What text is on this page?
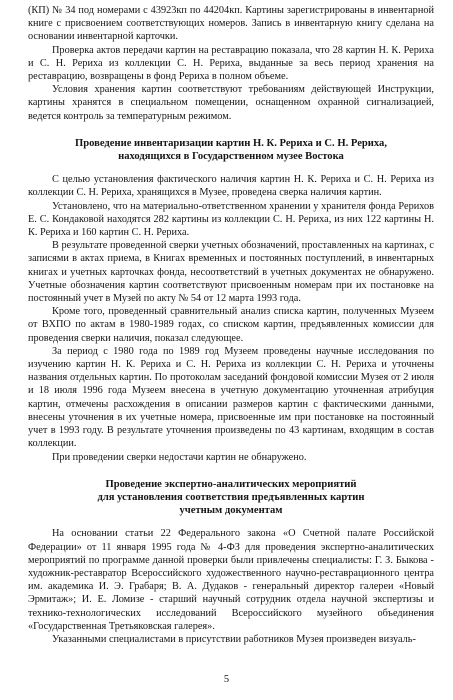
(КП) № 34 под номерами с 43923кп по 44204кп. Картины зарегистрированы в инвентарной книге с присвоением соответствующих номеров. Запись в инвентарную книгу сделана на основании инвентарной карточки.

Проверка актов передачи картин на реставрацию показала, что 28 картин Н. К. Рериха и С. Н. Рериха из коллекции С. Н. Рериха, выданные за весь период хранения на реставрацию, возвращены в фонд Рериха в полном объеме.

Условия хранения картин соответствуют требованиям действующей Инструкции, картины хранятся в специальном помещении, оснащенном охранной сигнализацией, ведется контроль за температурным режимом.

Проведение инвентаризации картин Н. К. Рериха и С. Н. Рериха,
находящихся в Государственном музее Востока

С целью установления фактического наличия картин Н. К. Рериха и С. Н. Рериха из коллекции С. Н. Рериха, хранящихся в Музее, проведена сверка наличия картин.

Установлено, что на материально-ответственном хранении у хранителя фонда Рерихов Е. С. Кондаковой находятся 282 картины из коллекции С. Н. Рериха, из них 122 картины Н. К. Рериха и 160 картин С. Н. Рериха.

В результате проведенной сверки учетных обозначений, проставленных на картинах, с записями в актах приема, в Книгах временных и постоянных поступлений, в инвентарных книгах и учетных карточках фонда, несоответствий в учетных документах не обнаружено. Учетные обозначения картин соответствуют присвоенным номерам при их постановке на постоянный учет в Музей по акту № 54 от 12 марта 1993 года.

Кроме того, проведенный сравнительный анализ списка картин, полученных Музеем от ВХПО по актам в 1980-1989 годах, со списком картин, предъявленных комиссии для проведения сверки наличия, показал следующее.

За период с 1980 года по 1989 год Музеем проведены научные исследования по изучению картин Н. К. Рериха и С. Н. Рериха из коллекции С. Н. Рериха и уточнены названия отдельных картин. По протоколам заседаний фондовой комиссии Музея от 2 июля и 18 июля 1996 года Музеем внесена в учетную документацию уточненная атрибуция картин, отмечены расхождения в описании размеров картин с фактическими данными, внесены уточнения в их учетные номера, присвоенные им при постановке на постоянный учет в 1993 году. В результате уточнения произведены по 43 картинам, входящим в состав коллекции.

При проведении сверки недостачи картин не обнаружено.

Проведение экспертно-аналитических мероприятий
для установления соответствия предъявленных картин
учетным документам

На основании статьи 22 Федерального закона «О Счетной палате Российской Федерации» от 11 января 1995 года № 4-ФЗ для проведения экспертно-аналитических мероприятий по программе данной проверки были привлечены специалисты: Г. З. Быкова - художник-реставратор Всероссийского художественного научно-реставрационного центра им. академика И. Э. Грабаря; В. А. Дудаков - генеральный директор галереи «Новый Эрмитаж»; И. Е. Ломизе - старший научный сотрудник отдела научной экспертизы и технико-технологических исследований Всероссийского музейного объединения «Государственная Третьяковская галерея».

Указанными специалистами в присутствии работников Музея произведен визуаль-

5
